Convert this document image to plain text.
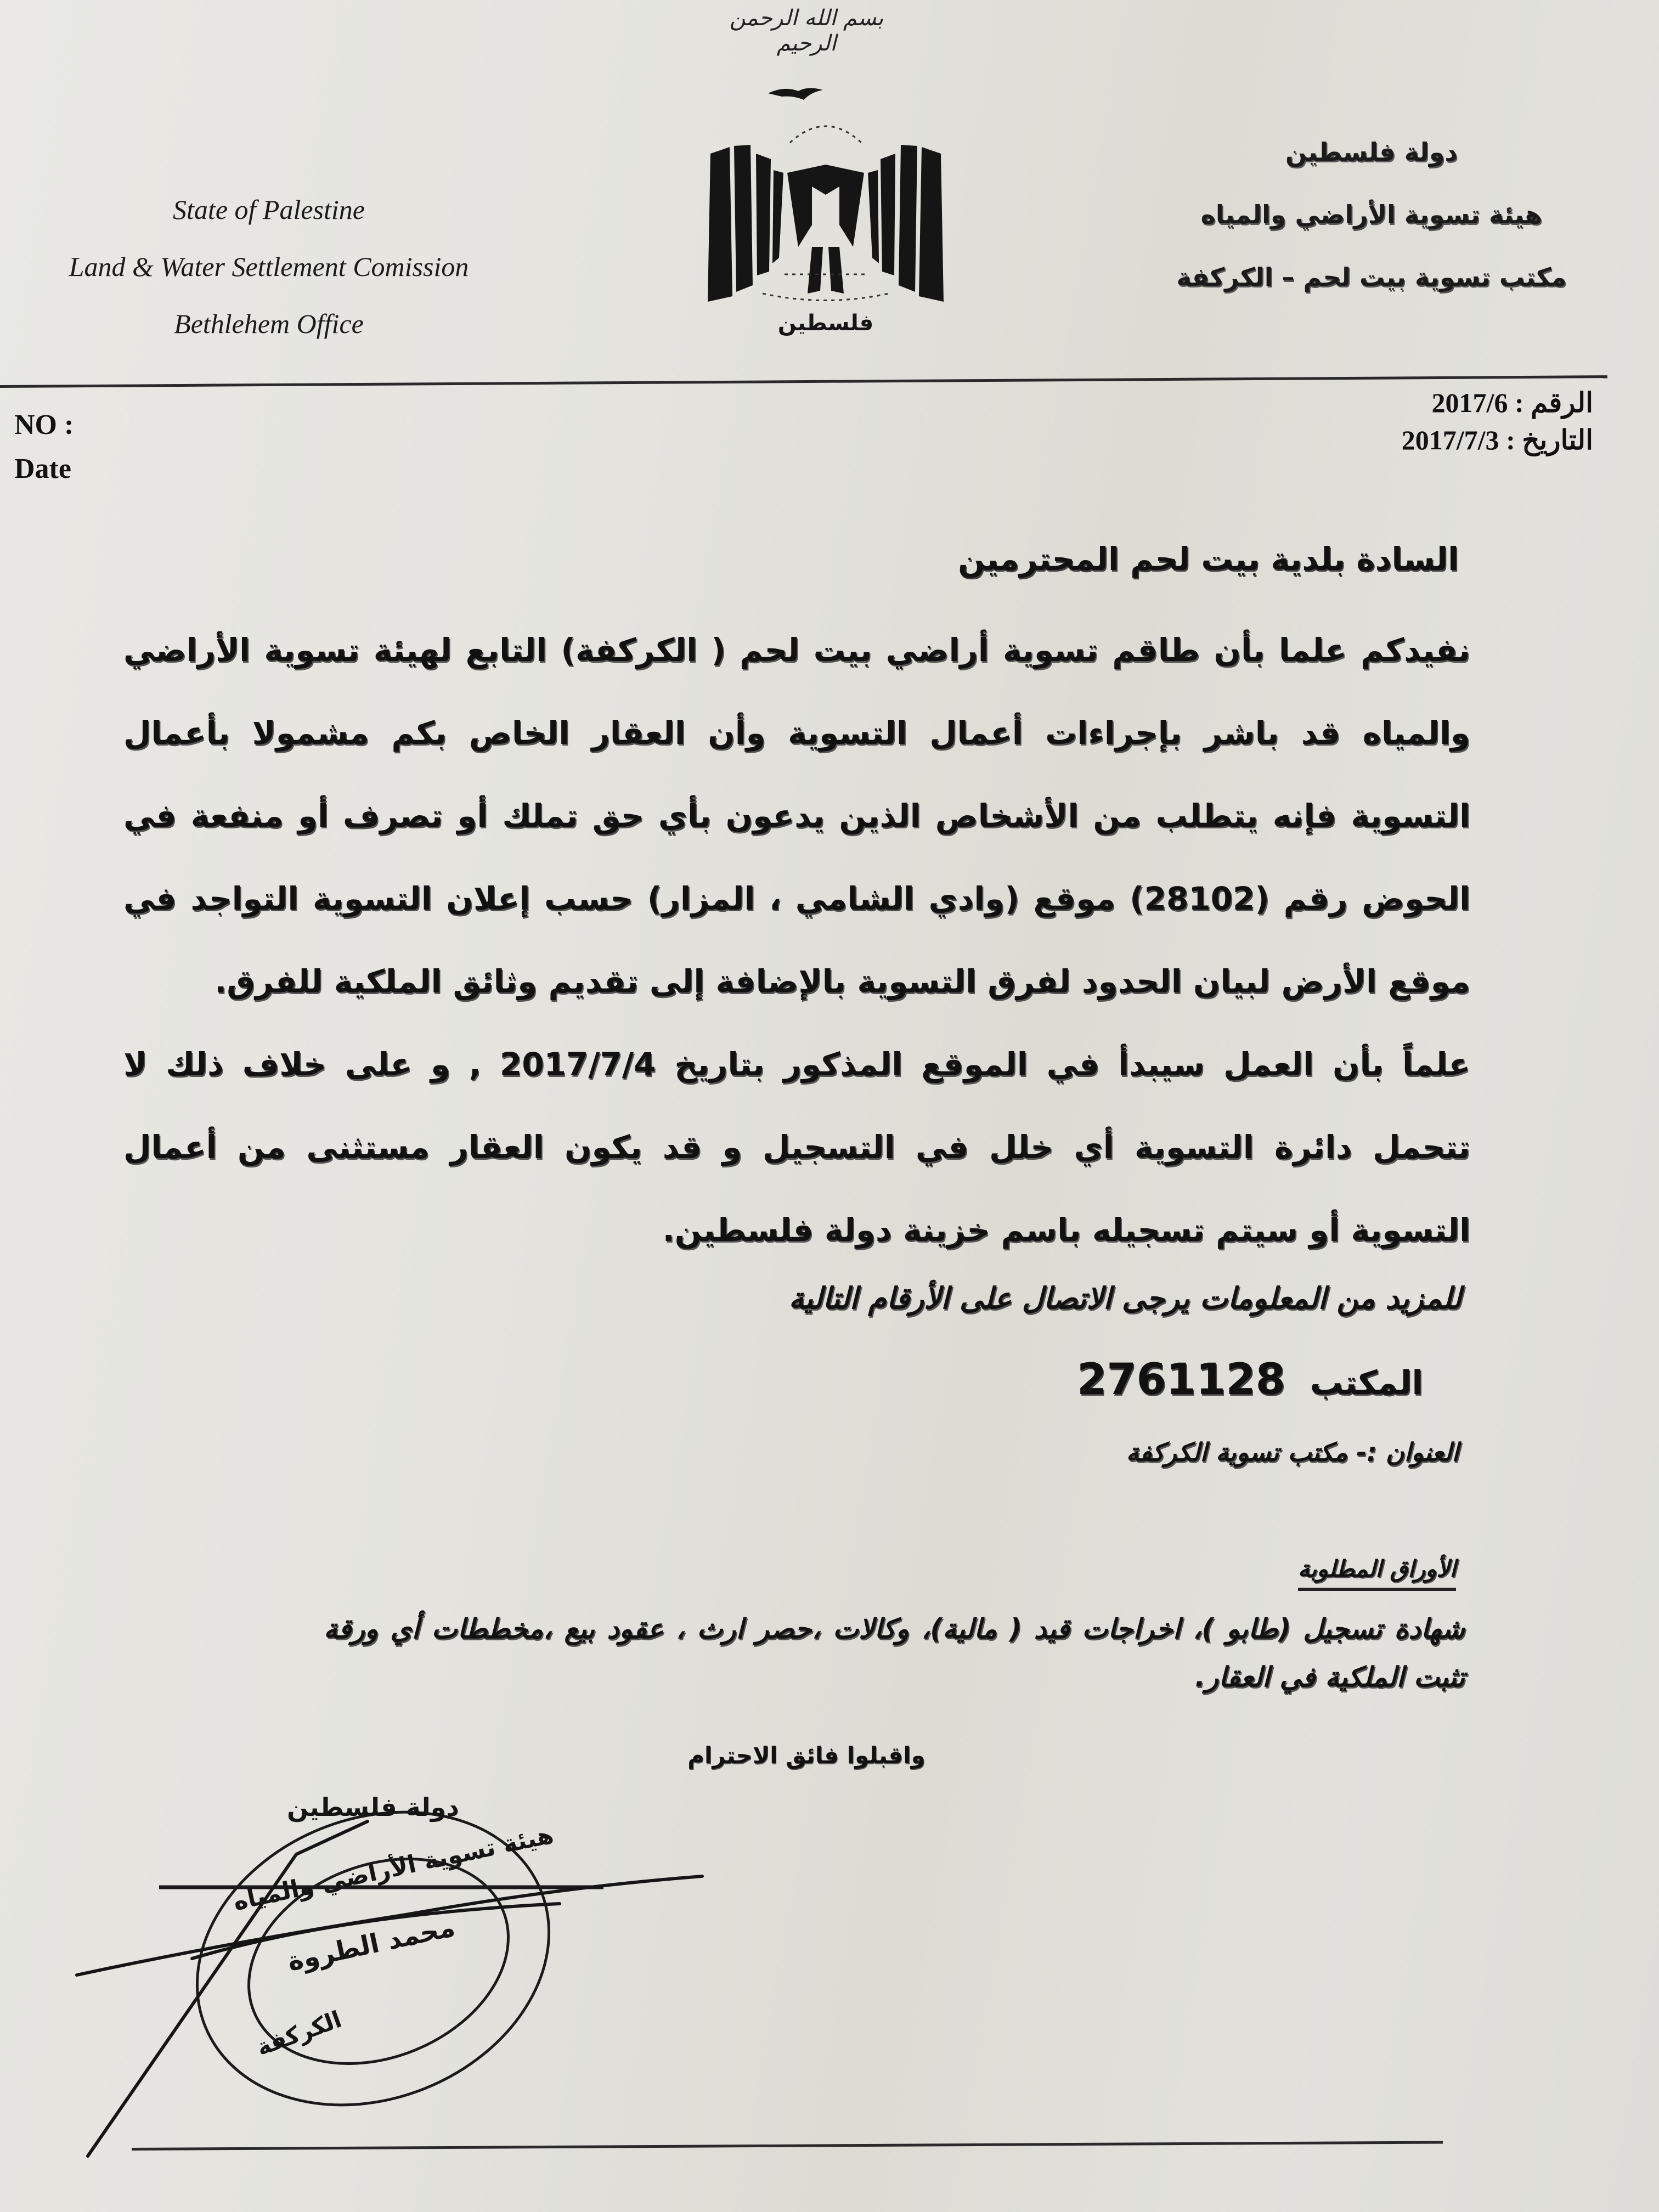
بسم الله الرحمن الرحيم
State of Palestine
Land & Water Settlement Comission
Bethlehem Office	فلسطين
دولة فلسطين
هيئة تسوية الأراضي والمياه
مكتب تسوية بيت لحم – الكركفة
NO :
Date
الرقم : 2017/6
التاريخ : 2017/7/3
السادة بلدية بيت لحم المحترمين

نفيدكم علما بأن طاقم تسوية أراضي بيت لحم ( الكركفة) التابع لهيئة تسوية الأراضي والمياه قد باشر بإجراءات أعمال التسوية وأن العقار الخاص بكم مشمولا بأعمال التسوية فإنه يتطلب من الأشخاص الذين يدعون بأي حق تملك أو تصرف أو منفعة في الحوض رقم (28102) موقع (وادي الشامي ، المزار) حسب إعلان التسوية التواجد في موقع الأرض لبيان الحدود لفرق التسوية بالإضافة إلى تقديم وثائق الملكية للفرق.

علماً بأن العمل سيبدأ في الموقع المذكور بتاريخ 2017/7/4 , و على خلاف ذلك لا تتحمل دائرة التسوية أي خلل في التسجيل و قد يكون العقار مستثنى من أعمال التسوية أو سيتم تسجيله باسم خزينة دولة فلسطين.

للمزيد من المعلومات يرجى الاتصال على الأرقام التالية
المكتب 2761128
العنوان :- مكتب تسوية الكركفة
الأوراق المطلوبة
شهادة تسجيل (طابو )، اخراجات قيد ( مالية)، وكالات ،حصر ارث ، عقود بيع ،مخططات أي ورقة تثبت الملكية في العقار.
واقبلوا فائق الاحترام
دولة فلسطين
هيئة تسوية الأراضي والمياه
محمد الطروة
الكركفة
